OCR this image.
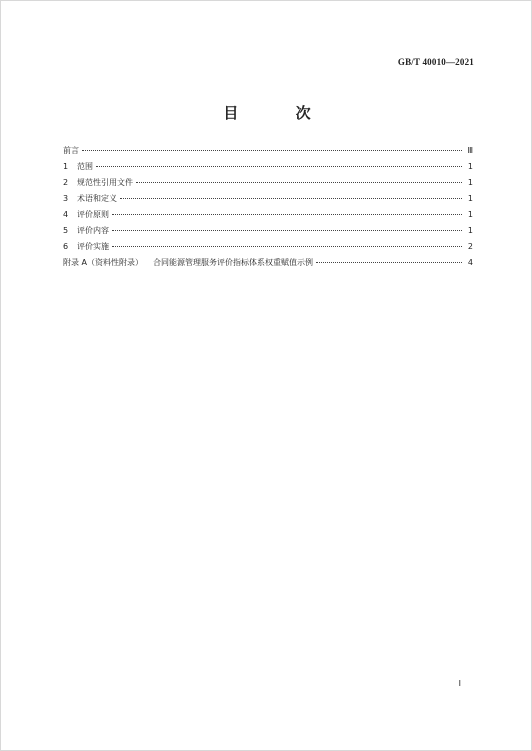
GB/T 40010—2021
目 次
前言	Ⅲ
1	范围	1
2	规范性引用文件	1
3	术语和定义	1
4	评价原则	1
5	评价内容	1
6	评价实施	2
附录 A（资料性附录） 合同能源管理服务评价指标体系权重赋值示例	4
Ⅰ
